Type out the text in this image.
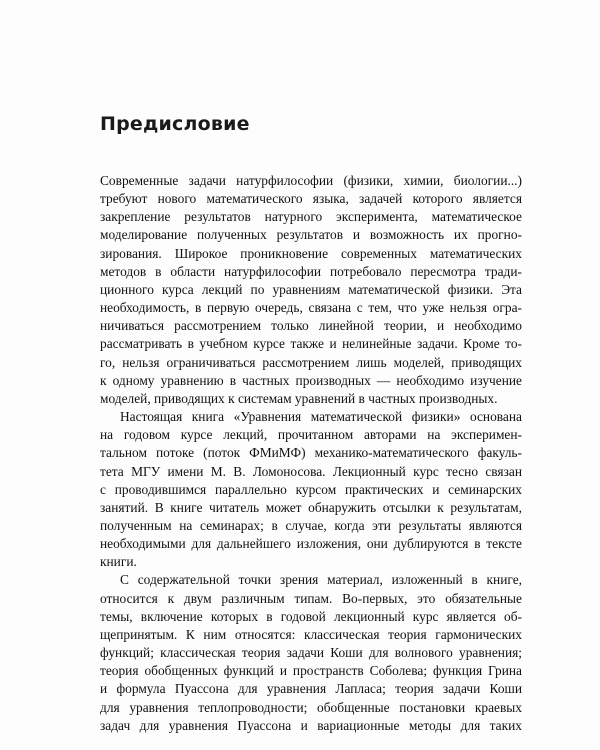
Предисловие

Современные задачи натурфилософии (физики, химии, биологии...)
требуют нового математического языка, задачей которого является
закрепление результатов натурного эксперимента, математическое
моделирование полученных результатов и возможность их прогно-
зирования. Широкое проникновение современных математических
методов в области натурфилософии потребовало пересмотра тради-
ционного курса лекций по уравнениям математической физики. Эта
необходимость, в первую очередь, связана с тем, что уже нельзя огра-
ничиваться рассмотрением только линейной теории, и необходимо
рассматривать в учебном курсе также и нелинейные задачи. Кроме то-
го, нельзя ограничиваться рассмотрением лишь моделей, приводящих
к одному уравнению в частных производных — необходимо изучение
моделей, приводящих к системам уравнений в частных производных.

Настоящая книга «Уравнения математической физики» основана
на годовом курсе лекций, прочитанном авторами на эксперимен-
тальном потоке (поток ФМиМФ) механико-математического факуль-
тета МГУ имени М. В. Ломоносова. Лекционный курс тесно связан
с проводившимся параллельно курсом практических и семинарских
занятий. В книге читатель может обнаружить отсылки к результатам,
полученным на семинарах; в случае, когда эти результаты являются
необходимыми для дальнейшего изложения, они дублируются в тексте
книги.

С содержательной точки зрения материал, изложенный в книге,
относится к двум различным типам. Во-первых, это обязательные
темы, включение которых в годовой лекционный курс является об-
щепринятым. К ним относятся: классическая теория гармонических
функций; классическая теория задачи Коши для волнового уравнения;
теория обобщенных функций и пространств Соболева; функция Грина
и формула Пуассона для уравнения Лапласа; теория задачи Коши
для уравнения теплопроводности; обобщенные постановки краевых
задач для уравнения Пуассона и вариационные методы для таких
